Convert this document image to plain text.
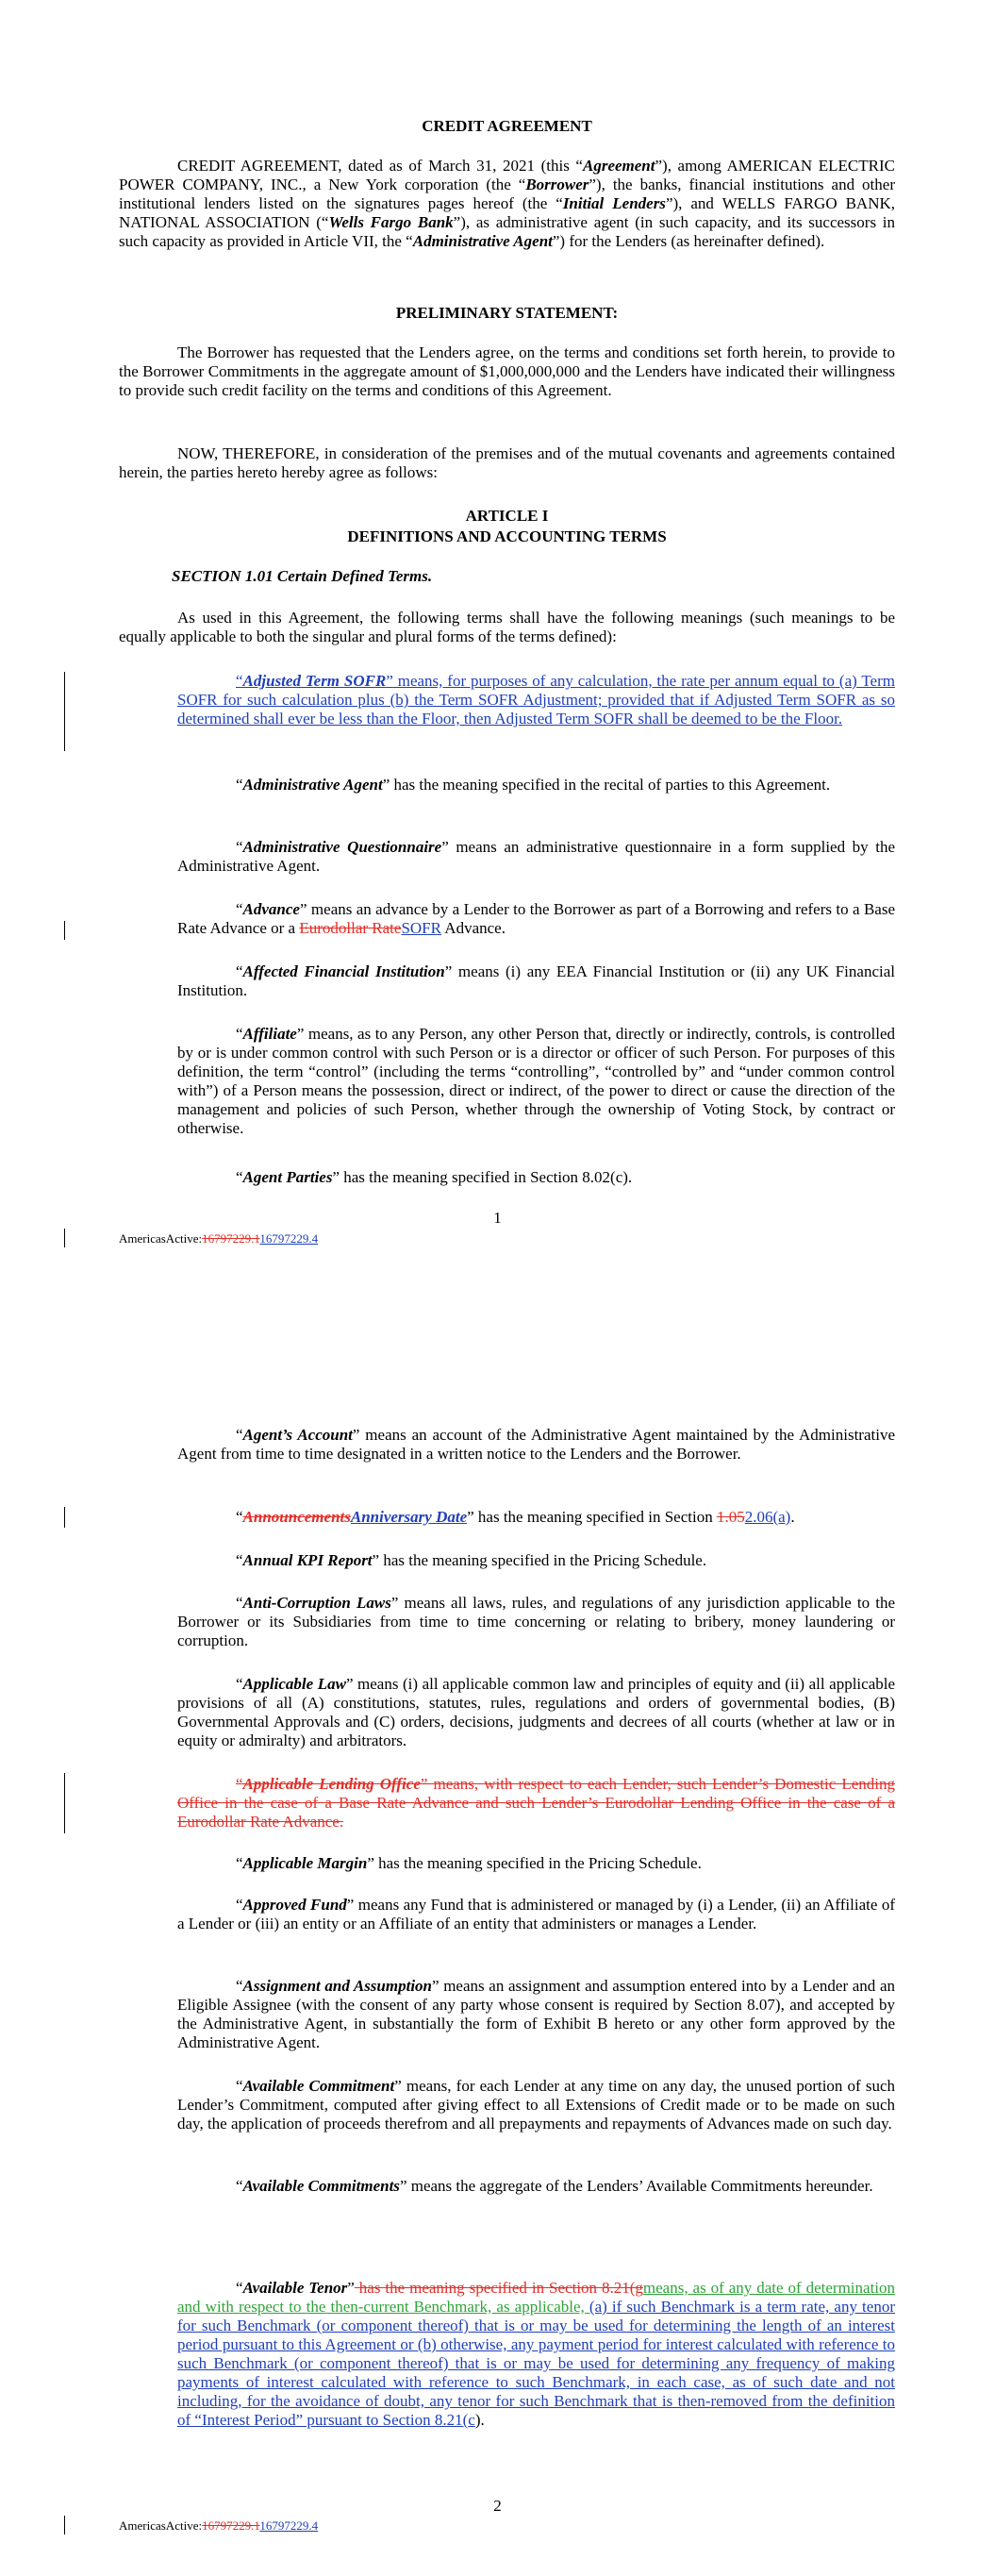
CREDIT AGREEMENT

CREDIT AGREEMENT, dated as of March 31, 2021 (this “Agreement”), among AMERICAN ELECTRIC POWER COMPANY, INC., a New York corporation (the “Borrower”), the banks, financial institutions and other institutional lenders listed on the signatures pages hereof (the “Initial Lenders”), and WELLS FARGO BANK, NATIONAL ASSOCIATION (“Wells Fargo Bank”), as administrative agent (in such capacity, and its successors in such capacity as provided in Article VII, the “Administrative Agent”) for the Lenders (as hereinafter defined).

PRELIMINARY STATEMENT:

The Borrower has requested that the Lenders agree, on the terms and conditions set forth herein, to provide to the Borrower Commitments in the aggregate amount of $1,000,000,000 and the Lenders have indicated their willingness to provide such credit facility on the terms and conditions of this Agreement.

NOW, THEREFORE, in consideration of the premises and of the mutual covenants and agreements contained herein, the parties hereto hereby agree as follows:

ARTICLE I

DEFINITIONS AND ACCOUNTING TERMS

SECTION 1.01 Certain Defined Terms.

As used in this Agreement, the following terms shall have the following meanings (such meanings to be equally applicable to both the singular and plural forms of the terms defined):

“Adjusted Term SOFR” means, for purposes of any calculation, the rate per annum equal to (a) Term SOFR for such calculation plus (b) the Term SOFR Adjustment; provided that if Adjusted Term SOFR as so determined shall ever be less than the Floor, then Adjusted Term SOFR shall be deemed to be the Floor.

“Administrative Agent” has the meaning specified in the recital of parties to this Agreement.

“Administrative Questionnaire” means an administrative questionnaire in a form supplied by the Administrative Agent.

“Advance” means an advance by a Lender to the Borrower as part of a Borrowing and refers to a Base Rate Advance or a Eurodollar RateSOFR Advance.

“Affected Financial Institution” means (i) any EEA Financial Institution or (ii) any UK Financial Institution.

“Affiliate” means, as to any Person, any other Person that, directly or indirectly, controls, is controlled by or is under common control with such Person or is a director or officer of such Person. For purposes of this definition, the term “control” (including the terms “controlling”, “controlled by” and “under common control with”) of a Person means the possession, direct or indirect, of the power to direct or cause the direction of the management and policies of such Person, whether through the ownership of Voting Stock, by contract or otherwise.

“Agent Parties” has the meaning specified in Section 8.02(c).

1
AmericasActive:16797229.116797229.4

“Agent’s Account” means an account of the Administrative Agent maintained by the Administrative Agent from time to time designated in a written notice to the Lenders and the Borrower.

“AnnouncementsAnniversary Date” has the meaning specified in Section 1.052.06(a).

“Annual KPI Report” has the meaning specified in the Pricing Schedule.

“Anti-Corruption Laws” means all laws, rules, and regulations of any jurisdiction applicable to the Borrower or its Subsidiaries from time to time concerning or relating to bribery, money laundering or corruption.

“Applicable Law” means (i) all applicable common law and principles of equity and (ii) all applicable provisions of all (A) constitutions, statutes, rules, regulations and orders of governmental bodies, (B) Governmental Approvals and (C) orders, decisions, judgments and decrees of all courts (whether at law or in equity or admiralty) and arbitrators.

“Applicable Lending Office” means, with respect to each Lender, such Lender’s Domestic Lending Office in the case of a Base Rate Advance and such Lender’s Eurodollar Lending Office in the case of a Eurodollar Rate Advance.

“Applicable Margin” has the meaning specified in the Pricing Schedule.

“Approved Fund” means any Fund that is administered or managed by (i) a Lender, (ii) an Affiliate of a Lender or (iii) an entity or an Affiliate of an entity that administers or manages a Lender.

“Assignment and Assumption” means an assignment and assumption entered into by a Lender and an Eligible Assignee (with the consent of any party whose consent is required by Section 8.07), and accepted by the Administrative Agent, in substantially the form of Exhibit B hereto or any other form approved by the Administrative Agent.

“Available Commitment” means, for each Lender at any time on any day, the unused portion of such Lender’s Commitment, computed after giving effect to all Extensions of Credit made or to be made on such day, the application of proceeds therefrom and all prepayments and repayments of Advances made on such day.

“Available Commitments” means the aggregate of the Lenders’ Available Commitments hereunder.

“Available Tenor” has the meaning specified in Section 8.21(gmeans, as of any date of determination and with respect to the then-current Benchmark, as applicable, (a) if such Benchmark is a term rate, any tenor for such Benchmark (or component thereof) that is or may be used for determining the length of an interest period pursuant to this Agreement or (b) otherwise, any payment period for interest calculated with reference to such Benchmark (or component thereof) that is or may be used for determining any frequency of making payments of interest calculated with reference to such Benchmark, in each case, as of such date and not including, for the avoidance of doubt, any tenor for such Benchmark that is then-removed from the definition of “Interest Period” pursuant to Section 8.21(c).

2
AmericasActive:16797229.116797229.4
